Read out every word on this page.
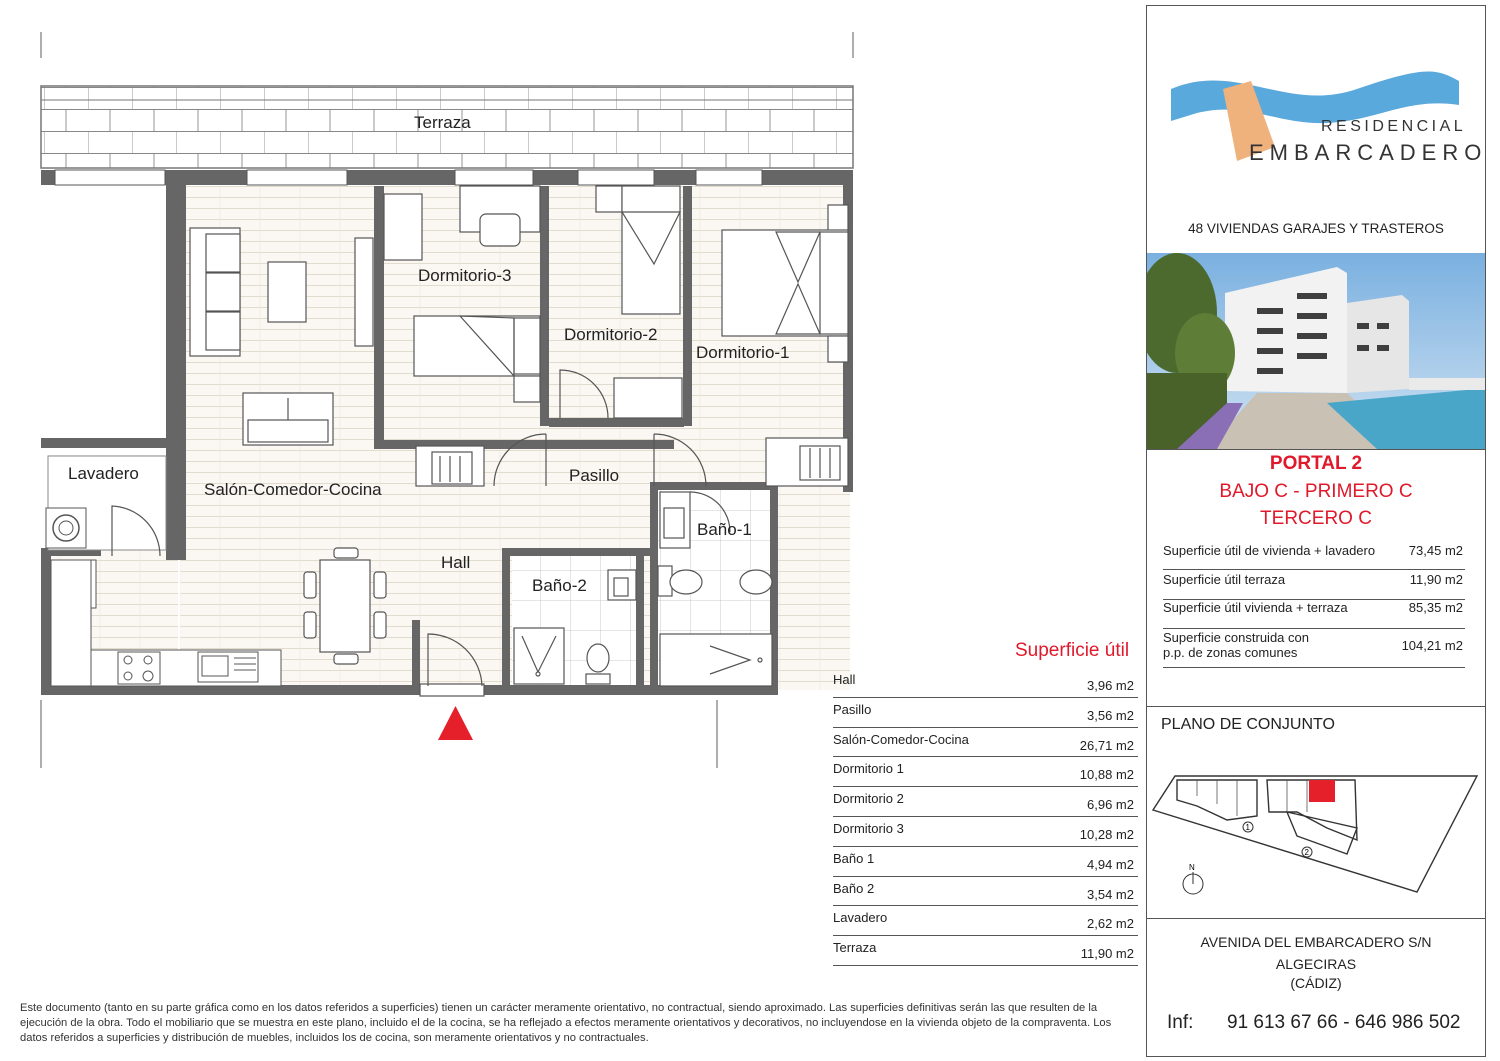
Terraza
Dormitorio-3
Dormitorio-2
Dormitorio-1
Pasillo
Salón-Comedor-Cocina
Lavadero
Hall
Baño-2
Baño-1
Superficie útil
Hall	3,96 m2
Pasillo	3,56 m2
Salón-Comedor-Cocina	26,71 m2
Dormitorio 1	10,88 m2
Dormitorio 2	6,96 m2
Dormitorio 3	10,28 m2
Baño 1	4,94 m2
Baño 2	3,54 m2
Lavadero	2,62 m2
Terraza	11,90 m2
RESIDENCIAL
EMBARCADERO
48 VIVIENDAS GARAJES Y TRASTEROS
PORTAL 2
BAJO C - PRIMERO C
TERCERO C
Superficie útil de vivienda + lavadero	73,45 m2
Superficie útil terraza	11,90 m2
Superficie útil vivienda + terraza	85,35 m2
Superficie construida con
p.p. de zonas comunes	104,21 m2
PLANO DE CONJUNTO
1
2
N
AVENIDA DEL EMBARCADERO S/N
ALGECIRAS
(CÁDIZ)
Inf: 91 613 67 66 - 646 986 502
Este documento (tanto en su parte gráfica como en los datos referidos a superficies) tienen un carácter meramente orientativo, no contractual, siendo aproximado. Las superficies definitivas serán las que resulten de la ejecución de la obra. Todo el mobiliario que se muestra en este plano, incluido el de la cocina, se ha reflejado a efectos meramente orientativos y decorativos, no incluyendose en la vivienda objeto de la compraventa. Los datos referidos a superficies y distribución de muebles, incluidos los de cocina, son meramente orientativos y no contractuales.
